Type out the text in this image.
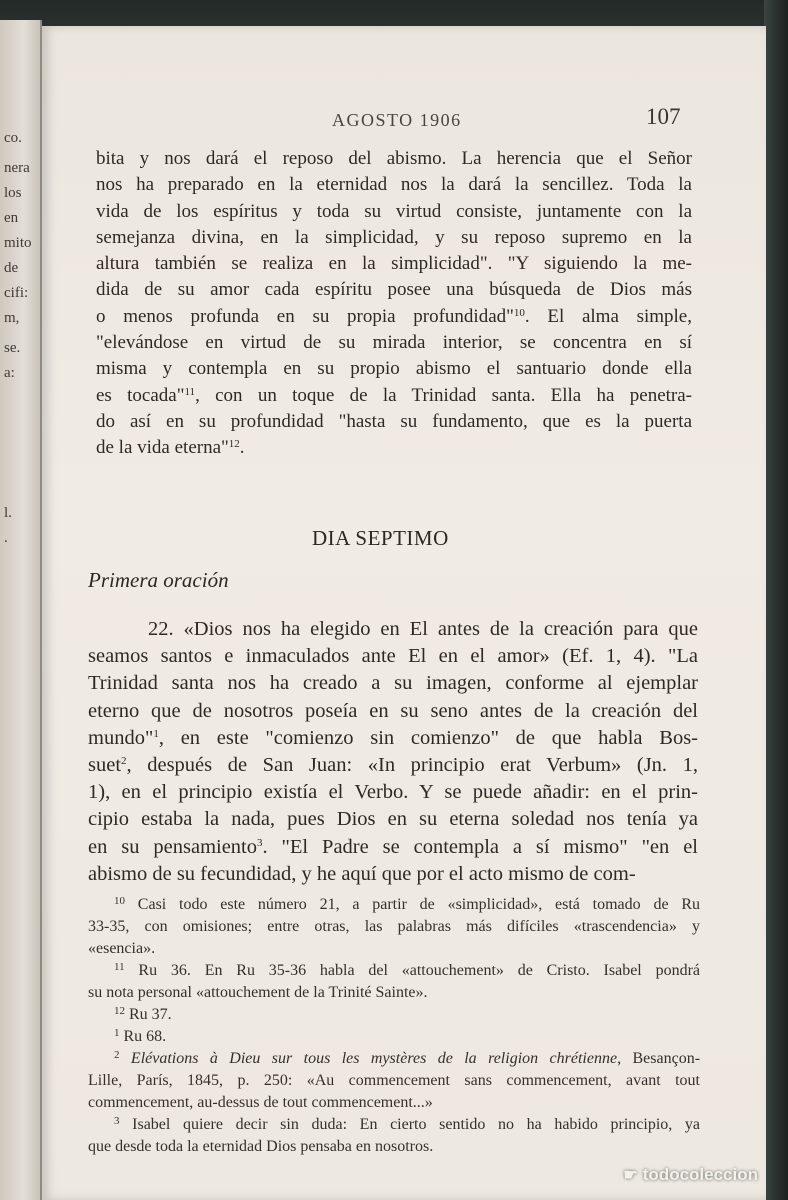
co.
nera
los
en
mito
de
cifi:
m,
se.
a:
l.
.
AGOSTO 1906	107
bita y nos dará el reposo del abismo. La herencia que el Señor
nos ha preparado en la eternidad nos la dará la sencillez. Toda la
vida de los espíritus y toda su virtud consiste, juntamente con la
semejanza divina, en la simplicidad, y su reposo supremo en la
altura también se realiza en la simplicidad". "Y siguiendo la me-
dida de su amor cada espíritu posee una búsqueda de Dios más
o menos profunda en su propia profundidad"$^{10}$. El alma simple,
"elevándose en virtud de su mirada interior, se concentra en sí
misma y contempla en su propio abismo el santuario donde ella
es tocada"$^{11}$, con un toque de la Trinidad santa. Ella ha penetra-
do así en su profundidad "hasta su fundamento, que es la puerta
de la vida eterna"$^{12}$.
DIA SEPTIMO
Primera oración
22. «Dios nos ha elegido en El antes de la creación para que
seamos santos e inmaculados ante El en el amor» (Ef. 1, 4). "La
Trinidad santa nos ha creado a su imagen, conforme al ejemplar
eterno que de nosotros poseía en su seno antes de la creación del
mundo"$^1$, en este "comienzo sin comienzo" de que habla Bos-
suet$^2$, después de San Juan: «In principio erat Verbum» (Jn. 1,
1), en el principio existía el Verbo. Y se puede añadir: en el prin-
cipio estaba la nada, pues Dios en su eterna soledad nos tenía ya
en su pensamiento$^3$. "El Padre se contempla a sí mismo" "en el
abismo de su fecundidad, y he aquí que por el acto mismo de com-
$^{10}$ Casi todo este número 21, a partir de «simplicidad», está tomado de Ru
33-35, con omisiones; entre otras, las palabras más difíciles «trascendencia» y
«esencia».
$^{11}$ Ru 36. En Ru 35-36 habla del «attouchement» de Cristo. Isabel pondrá
su nota personal «attouchement de la Trinité Sainte».
$^{12}$ Ru 37.
$^1$ Ru 68.
$^2$ Elévations à Dieu sur tous les mystères de la religion chrétienne, Besançon-
Lille, París, 1845, p. 250: «Au commencement sans commencement, avant tout
commencement, au-dessus de tout commencement...»
$^3$ Isabel quiere decir sin duda: En cierto sentido no ha habido principio, ya
que desde toda la eternidad Dios pensaba en nosotros.
☛ todocoleccion
